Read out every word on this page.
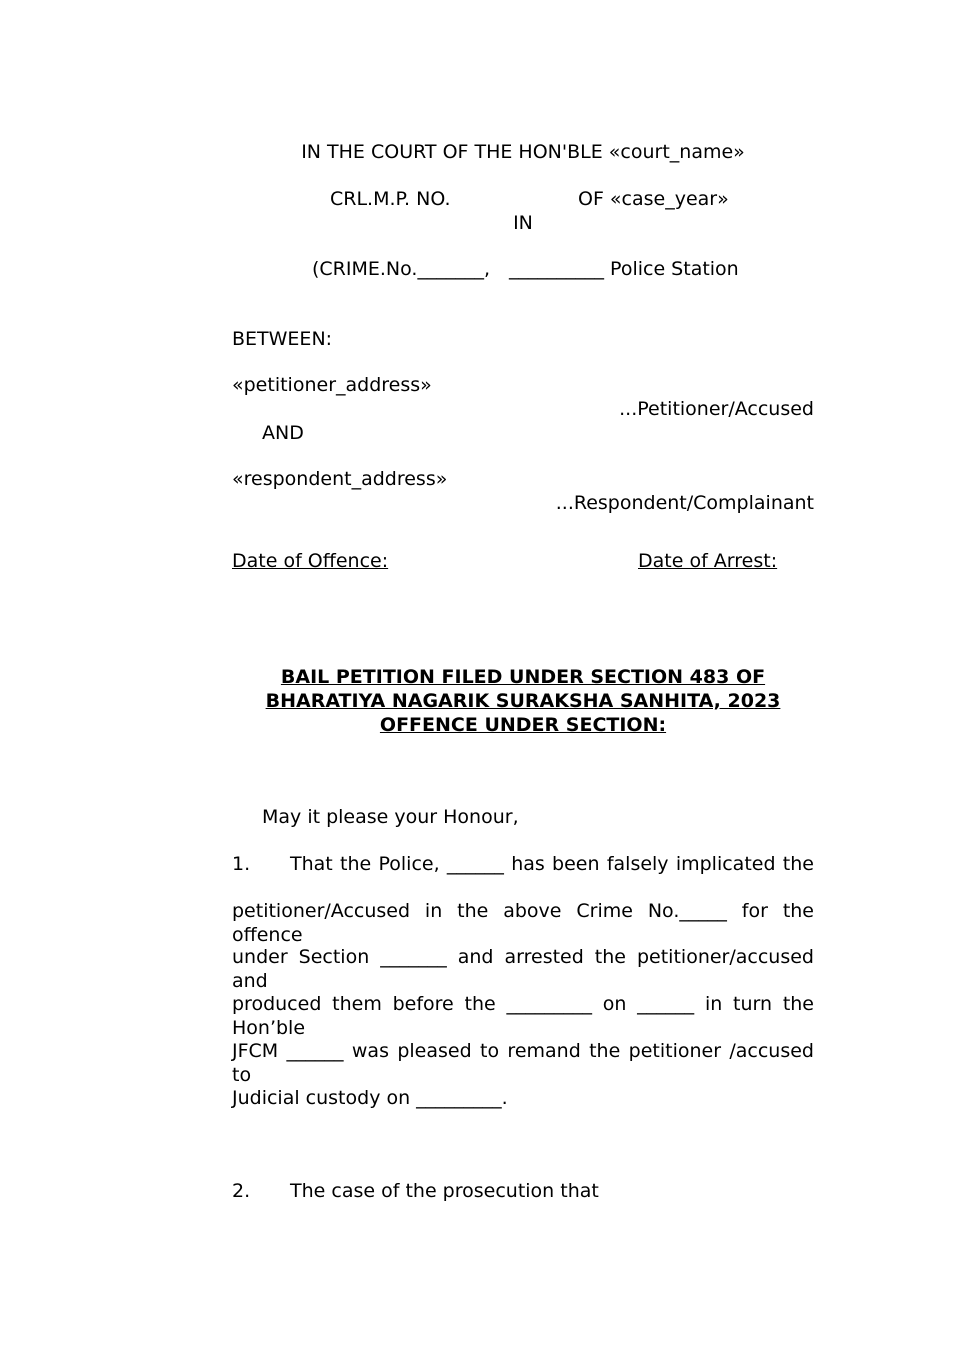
IN THE COURT OF THE HON'BLE «court_name»
CRL.M.P. NO.	OF «case_year»
IN
(CRIME.No._______, __________ Police Station
BETWEEN:
«petitioner_address»
...Petitioner/Accused
AND
«respondent_address»
...Respondent/Complainant
Date of Offence:	Date of Arrest:
BAIL PETITION FILED UNDER SECTION 483 OF
BHARATIYA NAGARIK SURAKSHA SANHITA, 2023
OFFENCE UNDER SECTION:
May it please your Honour,
1. That the Police, ______ has been falsely implicated the
petitioner/Accused in the above Crime No._____ for the offence
under Section _______ and arrested the petitioner/accused and
produced them before the _________ on ______ in turn the Hon’ble
JFCM ______ was pleased to remand the petitioner /accused to
Judicial custody on _________.
2. The case of the prosecution that
